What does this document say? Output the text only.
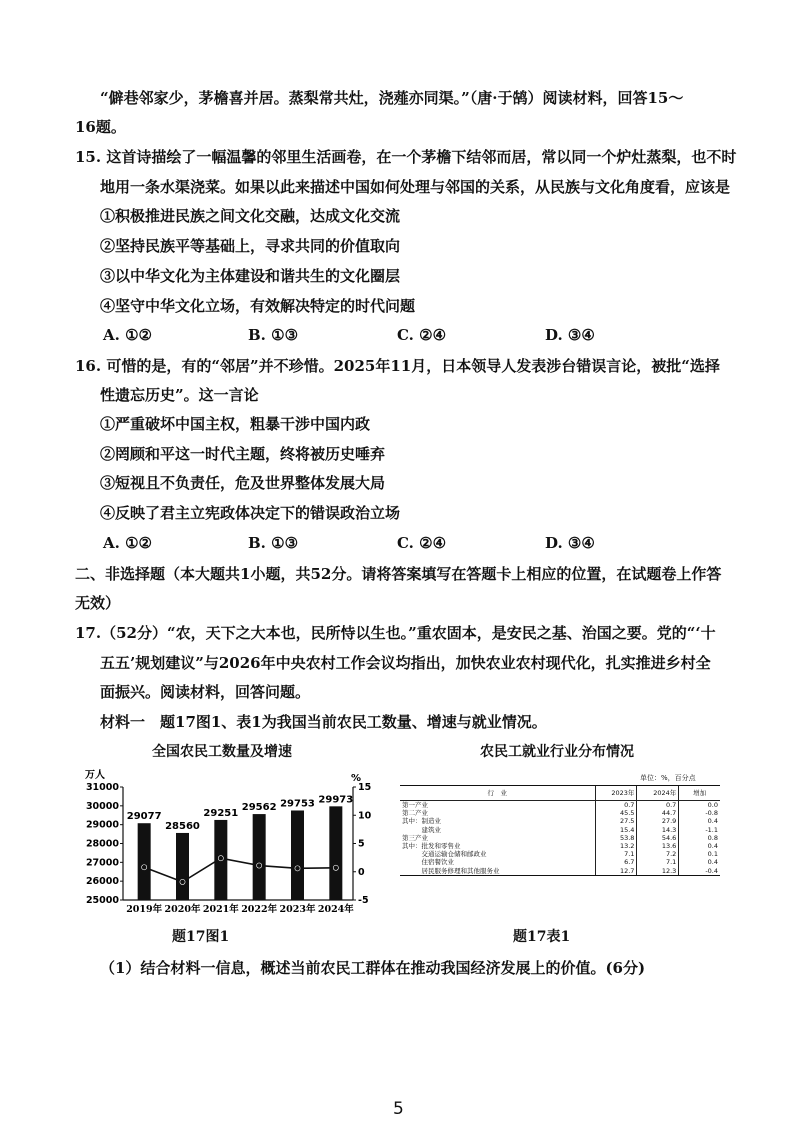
“僻巷邻家少，茅檐喜并居。蒸梨常共灶，浇薤亦同渠。”（唐·于鹄）阅读材料，回答15～
16题。
15. 这首诗描绘了一幅温馨的邻里生活画卷，在一个茅檐下结邻而居，常以同一个炉灶蒸梨，也不时
地用一条水渠浇菜。如果以此来描述中国如何处理与邻国的关系，从民族与文化角度看，应该是
①积极推进民族之间文化交融，达成文化交流
②坚持民族平等基础上，寻求共同的价值取向
③以中华文化为主体建设和谐共生的文化圈层
④坚守中华文化立场，有效解决特定的时代问题
A. ①②	B. ①③	C. ②④	D. ③④
16. 可惜的是，有的“邻居”并不珍惜。2025年11月，日本领导人发表涉台错误言论，被批“选择
性遗忘历史”。这一言论
①严重破坏中国主权，粗暴干涉中国内政
②罔顾和平这一时代主题，终将被历史唾弃
③短视且不负责任，危及世界整体发展大局
④反映了君主立宪政体决定下的错误政治立场
A. ①②	B. ①③	C. ②④	D. ③④
二、非选择题（本大题共1小题，共52分。请将答案填写在答题卡上相应的位置，在试题卷上作答
无效）
17.（52分）“农，天下之大本也，民所恃以生也。”重农固本，是安民之基、治国之要。党的“‘十
五五’规划建议”与2026年中央农村工作会议均指出，加快农业农村现代化，扎实推进乡村全
面振兴。阅读材料，回答问题。
材料一　题17图1、表1为我国当前农民工数量、增速与就业情况。
全国农民工数量及增速
31000
30000
29000
28000
27000
26000
25000
15
10
5
0
-5
万人	%
29077
2019年
28560
2020年
29251
2021年
29562
2022年
29753
2023年
29973
2024年
题17图1
农民工就业行业分布情况
单位：%，百分点
行　业	2023年	2024年	增加
第一产业	0.7	0.7	0.0
第二产业	45.5	44.7	-0.8
其中：制造业	27.5	27.9	0.4
　　　建筑业	15.4	14.3	-1.1
第三产业	53.8	54.6	0.8
其中：批发和零售业	13.2	13.6	0.4
　　　交通运输仓储和邮政业	7.1	7.2	0.1
　　　住宿餐饮业	6.7	7.1	0.4
　　　居民服务修理和其他服务业	12.7	12.3	-0.4
题17表1
（1）结合材料一信息，概述当前农民工群体在推动我国经济发展上的价值。(6分)
5
